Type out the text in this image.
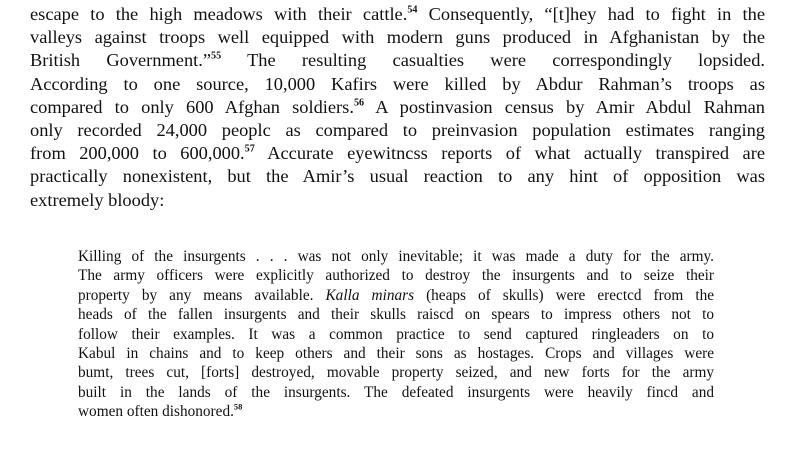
escape to the high meadows with their cattle.$^{54}$ Consequently, “[t]hey had to fight in the
valleys against troops well equipped with modern guns produced in Afghanistan by the
British Government.”$^{55}$ The resulting casualties were correspondingly lopsided.
According to one source, 10,000 Kafirs were killed by Abdur Rahman’s troops as
compared to only 600 Afghan soldiers.$^{56}$ A postinvasion census by Amir Abdul Rahman
only recorded 24,000 peoplc as compared to preinvasion population estimates ranging
from 200,000 to 600,000.57 Accurate eyewitncss reports of what actually transpired are
practically nonexistent, but the Amir’s usual reaction to any hint of opposition was
extremely bloody:

Killing of the insurgents . . . was not only inevitable; it was made a duty for the army.
The army officers were explicitly authorized to destroy the insurgents and to seize their
property by any means available. Kalla minars (heaps of skulls) were erectcd from the
heads of the fallen insurgents and their skulls raiscd on spears to impress others not to
follow their examples. It was a common practice to send captured ringleaders on to
Kabul in chains and to keep others and their sons as hostages. Crops and villages were
bumt, trees cut, [forts] destroyed, movable property seized, and new forts for the army
built in the lands of the insurgents. The defeated insurgents were heavily fincd and
women often dishonored.$^{58}$
